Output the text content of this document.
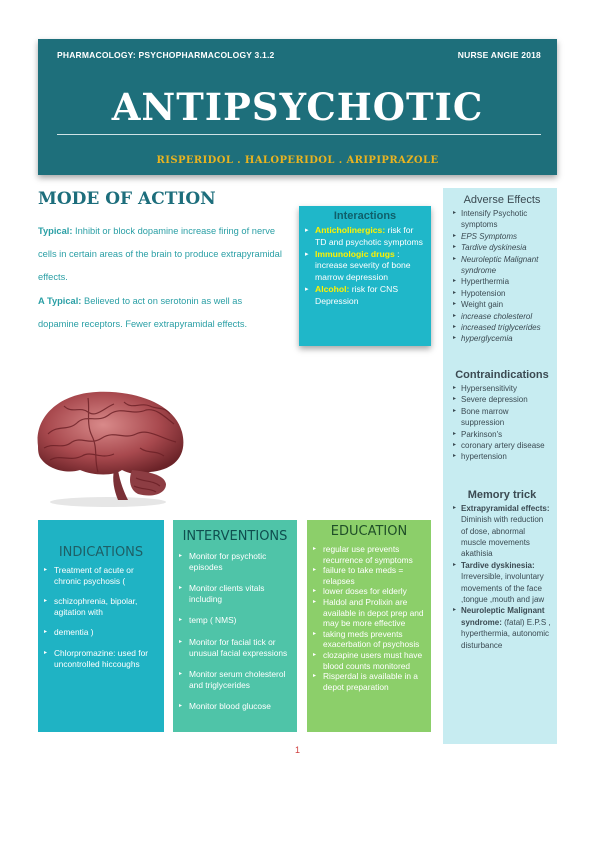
PHARMACOLOGY: PSYCHOPHARMACOLOGY 3.1.2	NURSE ANGIE 2018
ANTIPSYCHOTIC
RISPERIDOL . HALOPERIDOL . ARIPIPRAZOLE
MODE OF ACTION
Typical: Inhibit or block dopamine increase firing of nerve cells in certain areas of the brain to produce extrapyramidal effects.
A Typical: Believed to act on serotonin as well as dopamine receptors. Fewer extrapyramidal effects.
Interactions
▸ Anticholinergics: risk for TD and psychotic symptoms
▸ Immunologic drugs : increase severity of bone marrow depression
▸ Alcohol: risk for CNS Depression
Adverse Effects
▸ Intensify Psychotic symptoms
▸ EPS Symptoms
▸ Tardive dyskinesia
▸ Neuroleptic Malignant syndrome
▸ Hyperthermia
▸ Hypotension
▸ Weight gain
▸ increase cholesterol
▸ increased triglycerides
▸ hyperglycemia
Contraindications
▸ Hypersensitivity
▸ Severe depression
▸ Bone marrow suppression
▸ Parkinson's
▸ coronary artery disease
▸ hypertension
Memory trick
▸ Extrapyramidal effects: Diminish with reduction of dose, abnormal muscle movements akathisia
▸ Tardive dyskinesia: Irreversible, involuntary movements of the face ,tongue ,mouth and jaw
▸ Neuroleptic Malignant syndrome: (fatal) E.P.S , hyperthermia, autonomic disturbance
INDICATIONS
▸ Treatment of acute or chronic psychosis (
▸ schizophrenia, bipolar, agitation with
▸ dementia )
▸ Chlorpromazine: used for uncontrolled hiccoughs
INTERVENTIONS
▸ Monitor for psychotic episodes
▸ Monitor clients vitals including
▸ temp ( NMS)
▸ Monitor for facial tick or unusual facial expressions
▸ Monitor serum cholesterol and triglycerides
▸ Monitor blood glucose
EDUCATION
▸ regular use prevents recurrence of symptoms
▸ failure to take meds = relapses
▸ lower doses for elderly
▸ Haldol and Prolixin are available in depot prep and may be more effective
▸ taking meds prevents exacerbation of psychosis
▸ clozapine users must have blood counts monitored
▸ Risperdal is available in a depot preparation
1
